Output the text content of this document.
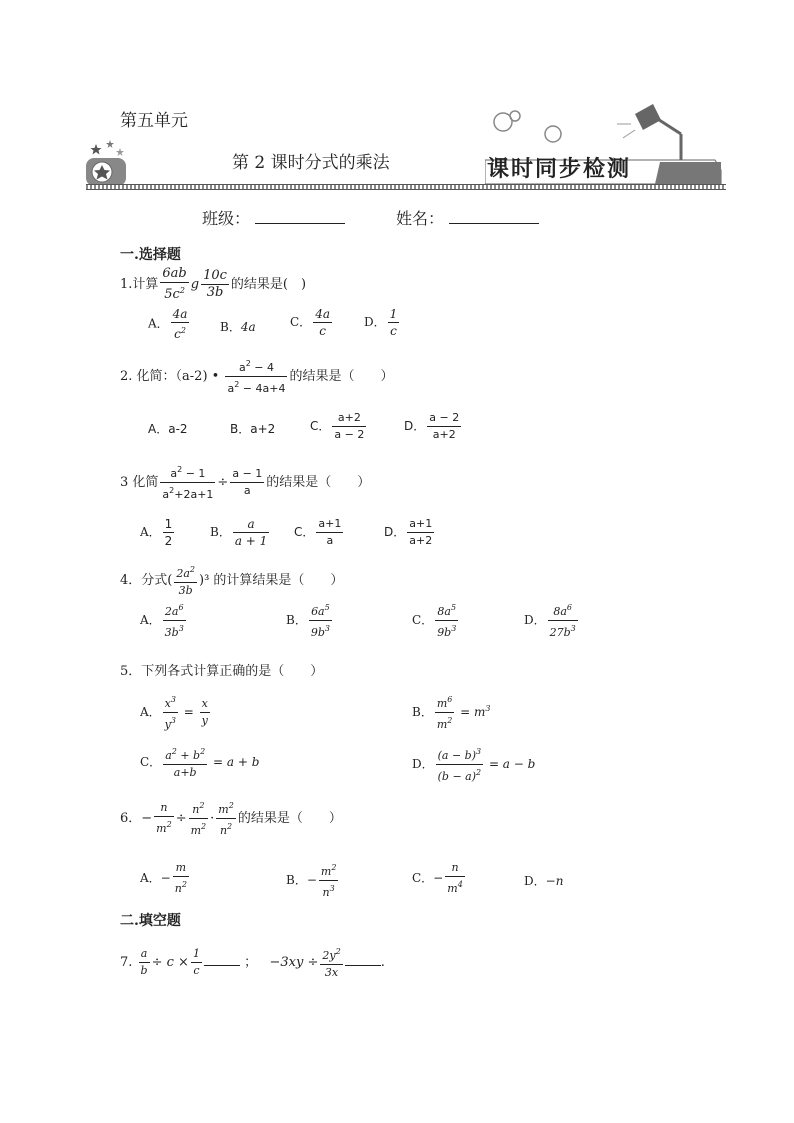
第五单元
第 2 课时分式的乘法	课时同步检测
班级：	姓名：
一.选择题
1.计算 $\frac{6ab}{5c^2}$ g $\frac{10c}{3b}$ 的结果是(　)
A． $\frac{4a}{c^2}$	B．4a	C． $\frac{4a}{c}$	D． $\frac{1}{c}$
2. 化简：（a-2) • $\frac{a^2 - 4}{a^2 - 4a+4}$ 的结果是（　　）
A．a-2	B．a+2	C． $\frac{a+2}{a - 2}$	D． $\frac{a - 2}{a+2}$
3 化简 $\frac{a^2 - 1}{a^2+2a+1} \div \frac{a - 1}{a}$ 的结果是（　　）
A． $\frac{1}{2}$	B． $\frac{a}{a + 1}$ C． $\frac{a+1}{a}$	D． $\frac{a+1}{a+2}$
4．分式( $\frac{2a^2}{3b} )^3$ 的计算结果是（　　）
A． $\frac{2a^6}{3b^3}$	B． $\frac{6a^5}{9b^3}$	C． $\frac{8a^5}{9b^3}$	D． $\frac{8a^6}{27b^3}$
5．下列各式计算正确的是（　　）
A． $\frac{x^3}{y^3} = \frac{x}{y}$	B． $\frac{m^6}{m^2} = m^3$
C． $\frac{a^2 + b^2}{a+b} = a + b$	D． $\frac{(a - b)^3}{(b - a)^2} = a - b$
6．− $\frac{n}{m^2} \div \frac{n^2}{m^2} \cdot \frac{m^2}{n^2}$ 的结果是（　　）
A．− $\frac{m}{n^2}$	B．− $\frac{m^2}{n^3}$	C．− $\frac{n}{m^4}$	D．−n
二.填空题
7. $\frac{a}{b} \div c \times \frac{1}{c}$	； $-3xy \div \frac{2y^2}{3x}$	.
